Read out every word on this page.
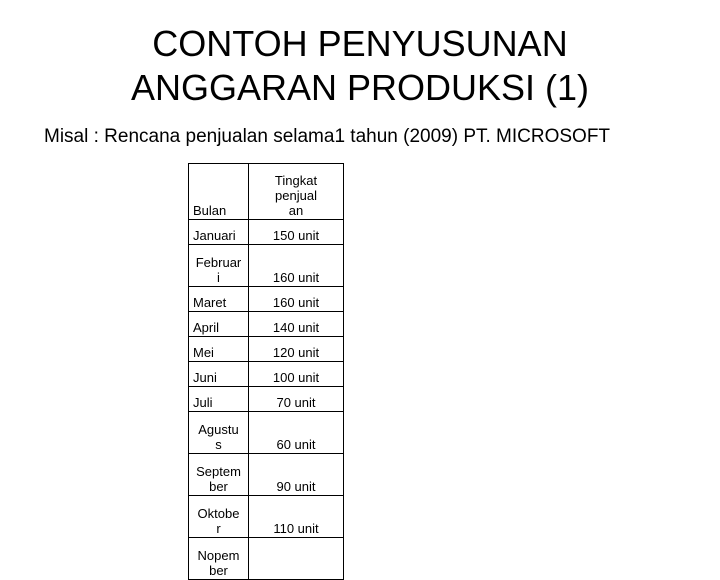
CONTOH PENYUSUNAN
ANGGARAN PRODUKSI (1)
Misal : Rencana penjualan selama1 tahun (2009) PT. MICROSOFT
Bulan	Tingkat
penjual
an
Januari	150 unit
Februar
i	160 unit
Maret	160 unit
April	140 unit
Mei	120 unit
Juni	100 unit
Juli	70 unit
Agustu
s	60 unit
Septem
ber	90 unit
Oktobe
r	110 unit
Nopem
ber	
